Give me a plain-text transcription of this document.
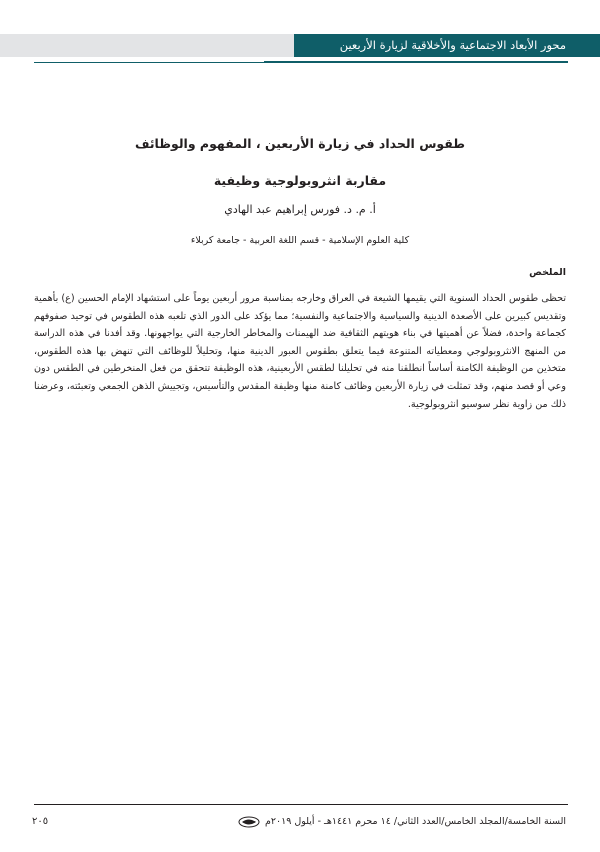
محور الأبعاد الاجتماعية والأخلاقية لزيارة الأربعين
طقوس الحداد في زيارة الأربعين ، المفهوم والوظائف
مقاربة انثروبولوجية وظيفية
أ. م. د. فورس إبراهيم عبد الهادي
كلية العلوم الإسلامية - قسم اللغة العربية - جامعة كربلاء
الملخص

تحظى طقوس الحداد السنوية التي يقيمها الشيعة في العراق وخارجه بمناسبة مرور أربعين يوماً على استشهاد الإمام الحسين (ع) بأهمية وتقديس كبيرين على الأصعدة الدينية والسياسية والاجتماعية والنفسية؛ مما يؤكد على الدور الذي تلعبه هذه الطقوس في توحيد صفوفهم كجماعة واحدة، فضلاً عن أهميتها في بناء هويتهم الثقافية ضد الهيمنات والمخاطر الخارجية التي يواجهونها. وقد أفدنا في هذه الدراسة من المنهج الانثروبولوجي ومعطياته المتنوعة فيما يتعلق بطقوس العبور الدينية منها، وتحليلاً للوظائف التي تنهض بها هذه الطقوس، متخذين من الوظيفة الكامنة أساساً انطلقنا منه في تحليلنا لطقس الأربعينية، هذه الوظيفة تتحقق من فعل المنخرطين في الطقس دون وعي أو قصد منهم، وقد تمثلت في زيارة الأربعين وظائف كامنة منها وظيفة المقدس والتأسيس، وتجييش الذهن الجمعي وتعبئته، وعرضنا ذلك من زاوية نظر سوسيو انثروبولوجية.

السنة الخامسة/المجلد الخامس/العدد الثاني/ ١٤ محرم ١٤٤١هـ - أيلول ٢٠١٩م
٢٠٥
